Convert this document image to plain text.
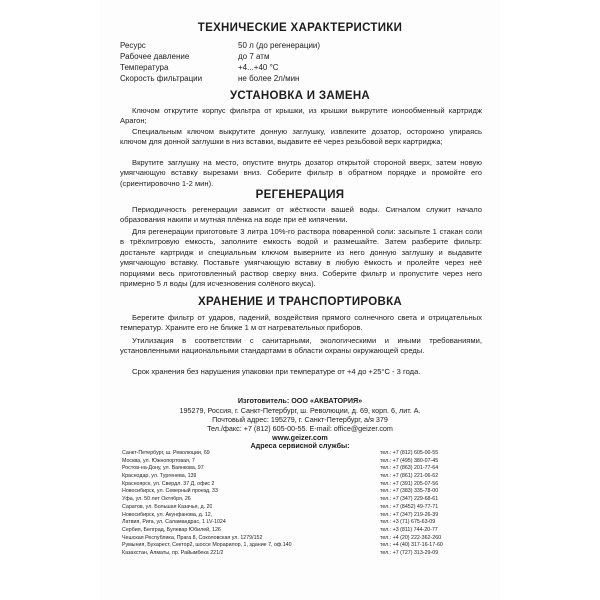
ТЕХНИЧЕСКИЕ ХАРАКТЕРИСТИКИ
Ресурс	50 л (до регенерации)
Рабочее давление	до 7 атм
Температура	+4...+40 °С
Скорость фильтрации	не более 2л/мин
УСТАНОВКА И ЗАМЕНА

Ключом открутите корпус фильтра от крышки, из крышки выкрутите ионообменный картридж Арагон;

Специальным ключом выкрутите донную заглушку, извлеките дозатор, осторожно упираясь ключом для донной заглушки в низ вставки, выдавите её через резьбовой верх картриджа;

Вкрутите заглушку на место, опустите внутрь дозатор открытой стороной вверх, затем новую умягчающую вставку вырезами вниз. Соберите фильтр в обратном порядке и промойте его (сриентировочно 1-2 мин).

РЕГЕНЕРАЦИЯ

Периодичность регенерации зависит от жёсткости вашей воды. Сигналом служит начало образования накипи и мутная плёнка на воде при её кипячении.

Для регенерации приготовьте 3 литра 10%-го раствора поваренной соли: засыпьте 1 стакан соли в трёхлитровую емкость, заполните емкость водой и размешайте. Затем разберите фильтр: достаньте картридж и специальным ключом выверните из него донную заглушку и выдавите умягчающую вставку. Поставьте умягчающую вставку в любую ёмкость и пролейте через неё порциями весь приготовленный раствор сверху вниз. Соберите фильтр и пропустите через него примерно 5 л воды (для исчезновения солёного вкуса).

ХРАНЕНИЕ И ТРАНСПОРТИРОВКА

Берегите фильтр от ударов, падений, воздействия прямого солнечного света и отрицательных температур. Храните его не ближе 1 м от нагревательных приборов.

Утилизация в соответствии с санитарными, экологическими и иными требованиями, установленными национальными стандартами в области охраны окружающей среды.

Срок хранения без нарушения упаковки при температуре от +4 до +25°С - 3 года.

Изготовитель: ООО «АКВАТОРИЯ»
195279, Россия, г. Санкт-Петербург, ш. Революции, д. 69, корп. 6, лит. А.
Почтовый адрес: 195279, г. Санкт-Петербург, а/я 379
Тел./факс: +7 (812) 605-00-55. E-mail: office@geizer.com
www.geizer.com
Адреса сервисной службы:
Санкт-Петербург, ш. Революции, 69	тел.: +7 (812) 605-00-55
Москва, ул. Южнопортовая, 7	тел.: +7 (495) 380-07-45
Ростов-на-Дону, ул. Ваянкова, 97	тел.: +7 (863) 201-77-64
Краснодар, ул. Тургенева, 139	тел.: +7 (861) 221-06-62
Красноярск, ул. Свердл. 37 Д, офис 2	тел.: +7 (391) 205-07-56
Новосибирск, ул. Северный проезд, 33	тел.: +7 (383) 335-78-00
Уфа, ул. 50 лет Октября, 26	тел.: +7 (347) 229-68-61
Саратов, ул. Большая Казачья, д. 20	тел.: +7 (8452) 49-77-71
Новосибирск, ул. Акунфанова, д. 12,	тел.: +7 (347) 219-26-39
Латвия, Рига, ул. Саламандрас, 1 LV-1024	тел.: +3 (71) 675-63-09
Сербия, Белград, Булевар Юбилей, 126	тел.: +3 (811) 744-20-77
Чешская Республика, Прага 8, Соколовская ул. 1279/152	тел.: +4 (20) 222-362-260
Румыния, Бухарест, Сектор2, шоссе Морарилор, 1, здание 7, оф.140	тел.: +4 (40) 317-16-17-60
Казахстан, Алматы, пр. Райымбека 221/2	тел.: +7 (727) 313-29-09
